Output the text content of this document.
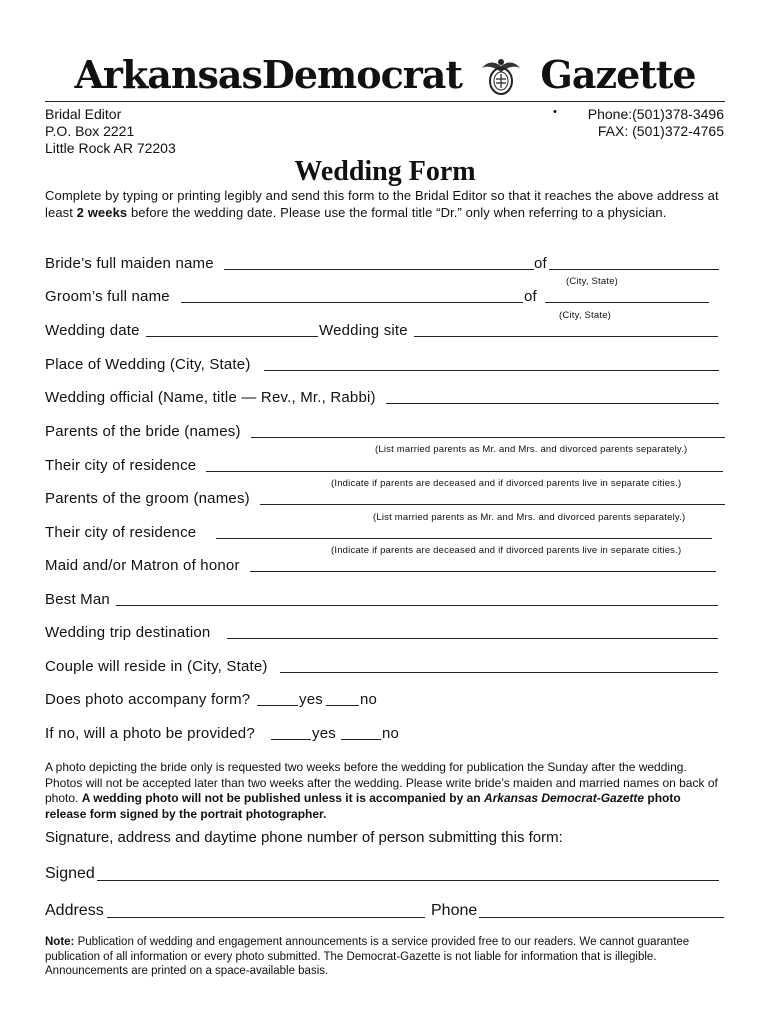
ArkansasDemocrat Gazette
Bridal Editor
P.O. Box 2221
Little Rock AR 72203
• Phone:(501)378-3496
FAX: (501)372-4765
Wedding Form
Complete by typing or printing legibly and send this form to the Bridal Editor so that it reaches the above address at least 2 weeks before the wedding date. Please use the formal title “Dr.” only when referring to a physician.
Bride’s full maiden name	of
(City, State)
Groom’s full name	of
(City, State)
Wedding date	Wedding site
Place of Wedding (City, State)
Wedding official (Name, title — Rev., Mr., Rabbi)
Parents of the bride (names)
(List married parents as Mr. and Mrs. and divorced parents separately.)
Their city of residence
(Indicate if parents are deceased and if divorced parents live in separate cities.)
Parents of the groom (names)
(List married parents as Mr. and Mrs. and divorced parents separately.)
Their city of residence
(Indicate if parents are deceased and if divorced parents live in separate cities.)
Maid and/or Matron of honor
Best Man
Wedding trip destination
Couple will reside in (City, State)
Does photo accompany form?	yes no
If no, will a photo be provided?	yes	no
A photo depicting the bride only is requested two weeks before the wedding for publication the Sunday after the wedding. Photos will not be accepted later than two weeks after the wedding. Please write bride’s maiden and married names on back of photo. A wedding photo will not be published unless it is accompanied by an Arkansas Democrat-Gazette photo release form signed by the portrait photographer.
Signature, address and daytime phone number of person submitting this form:
Signed
Address	Phone
Note: Publication of wedding and engagement announcements is a service provided free to our readers. We cannot guarantee publication of all information or every photo submitted. The Democrat-Gazette is not liable for information that is illegible. Announcements are printed on a space-available basis.
